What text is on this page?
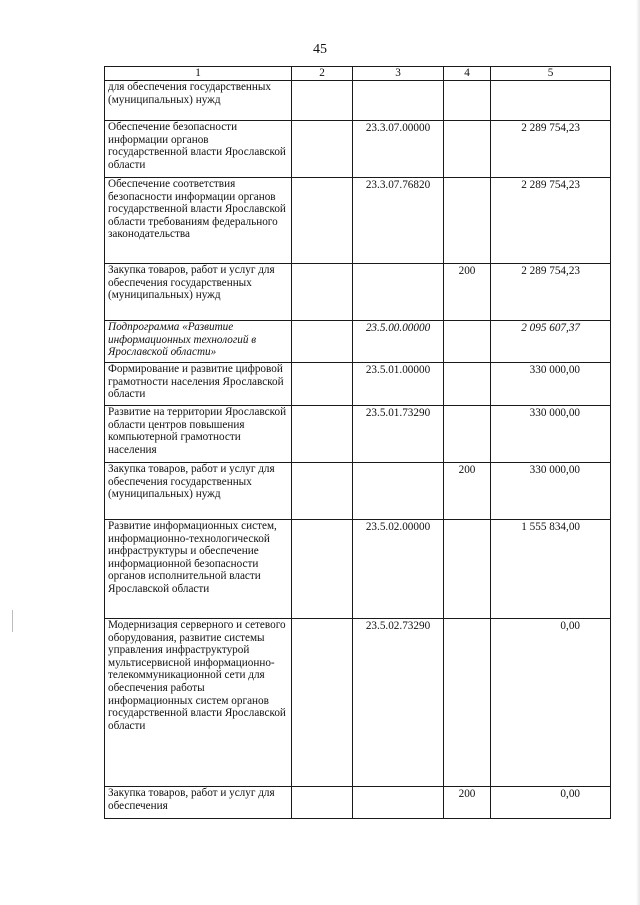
45
1	2	3	4	5
для обеспечения государственных (муниципальных) нужд				
Обеспечение безопасности информации органов государственной власти Ярославской области		23.3.07.00000		2 289 754,23
Обеспечение соответствия безопасности информации органов государственной власти Ярославской области требованиям федерального законодательства		23.3.07.76820		2 289 754,23
Закупка товаров, работ и услуг для обеспечения государственных (муниципальных) нужд			200	2 289 754,23
Подпрограмма «Развитие информационных технологий в Ярославской области»		23.5.00.00000		2 095 607,37
Формирование и развитие цифровой грамотности населения Ярославской области		23.5.01.00000		330 000,00
Развитие на территории Ярославской области центров повышения компьютерной грамотности населения		23.5.01.73290		330 000,00
Закупка товаров, работ и услуг для обеспечения государственных (муниципальных) нужд			200	330 000,00
Развитие информационных систем, информационно-технологической инфраструктуры и обеспечение информационной безопасности органов исполнительной власти Ярославской области		23.5.02.00000		1 555 834,00
Модернизация серверного и сетевого оборудования, развитие системы управления инфраструктурой мультисервисной информационно-телекоммуникационной сети для обеспечения работы информационных систем органов государственной власти Ярославской области		23.5.02.73290		0,00
Закупка товаров, работ и услуг для обеспечения			200	0,00
